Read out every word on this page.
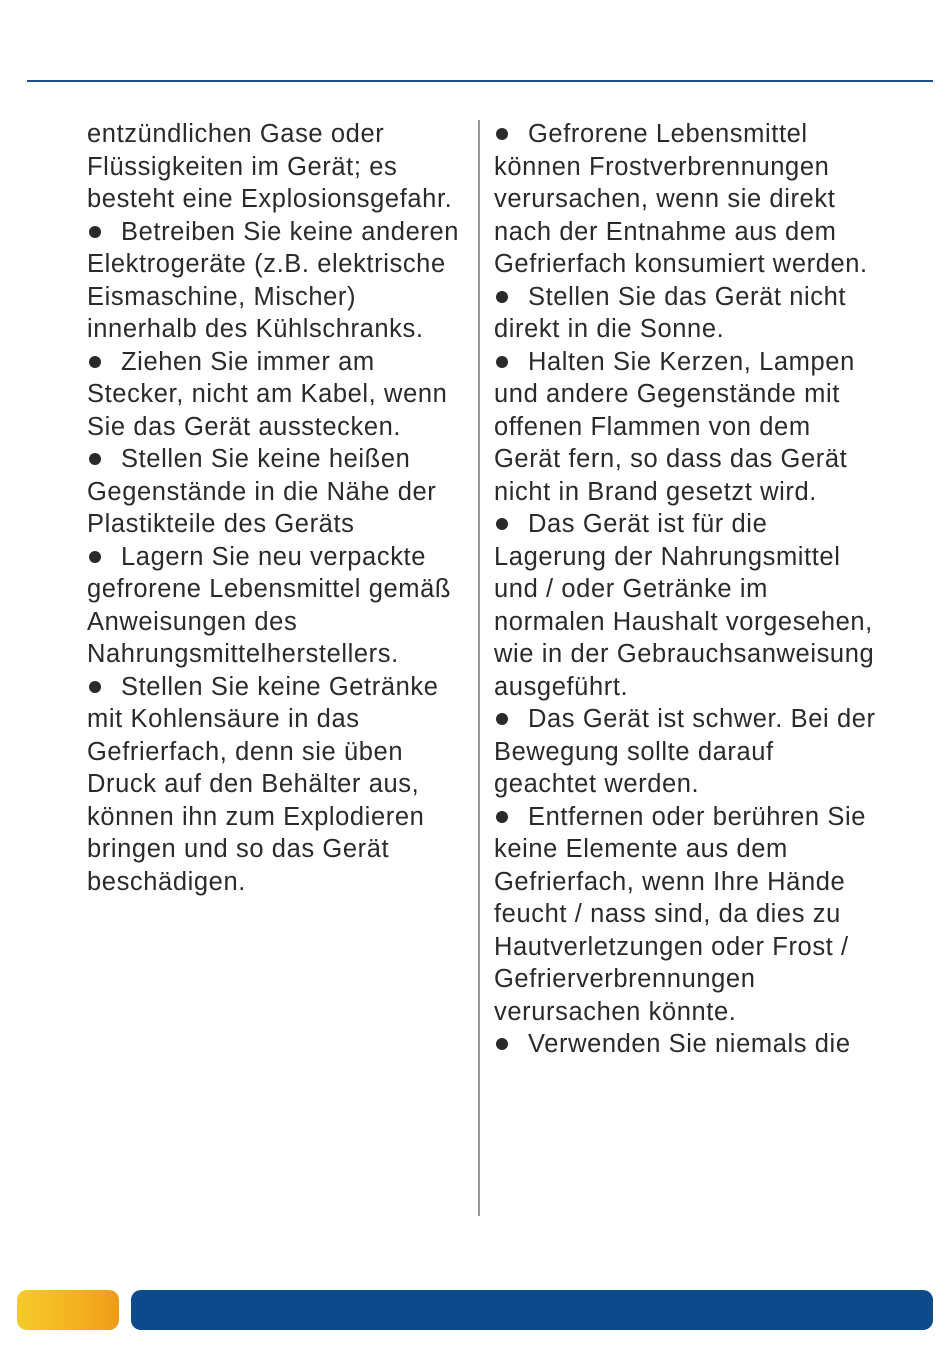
entzündlichen Gase oder Flüssigkeiten im Gerät; es besteht eine Explosionsgefahr.

Betreiben Sie keine anderen Elektrogeräte (z.B. elektrische Eismaschine, Mischer) innerhalb des Kühlschranks.

Ziehen Sie immer am Stecker, nicht am Kabel, wenn Sie das Gerät ausstecken.

Stellen Sie keine heißen Gegenstände in die Nähe der Plastikteile des Geräts

Lagern Sie neu verpackte gefrorene Lebensmittel gemäß Anweisungen des Nahrungsmittelherstellers.

Stellen Sie keine Getränke mit Kohlensäure in das Gefrierfach, denn sie üben Druck auf den Behälter aus, können ihn zum Explodieren bringen und so das Gerät beschädigen.

Gefrorene Lebensmittel können Frostverbrennungen verursachen, wenn sie direkt nach der Entnahme aus dem Gefrierfach konsumiert werden.

Stellen Sie das Gerät nicht direkt in die Sonne.

Halten Sie Kerzen, Lampen und andere Gegenstände mit offenen Flammen von dem Gerät fern, so dass das Gerät nicht in Brand gesetzt wird.

Das Gerät ist für die Lagerung der Nahrungsmittel und / oder Getränke im normalen Haushalt vorgesehen, wie in der Gebrauchsanweisung ausgeführt.

Das Gerät ist schwer. Bei der Bewegung sollte darauf geachtet werden.

Entfernen oder berühren Sie keine Elemente aus dem Gefrierfach, wenn Ihre Hände feucht / nass sind, da dies zu Hautverletzungen oder Frost / Gefrierverbrennungen verursachen könnte.

Verwenden Sie niemals die
